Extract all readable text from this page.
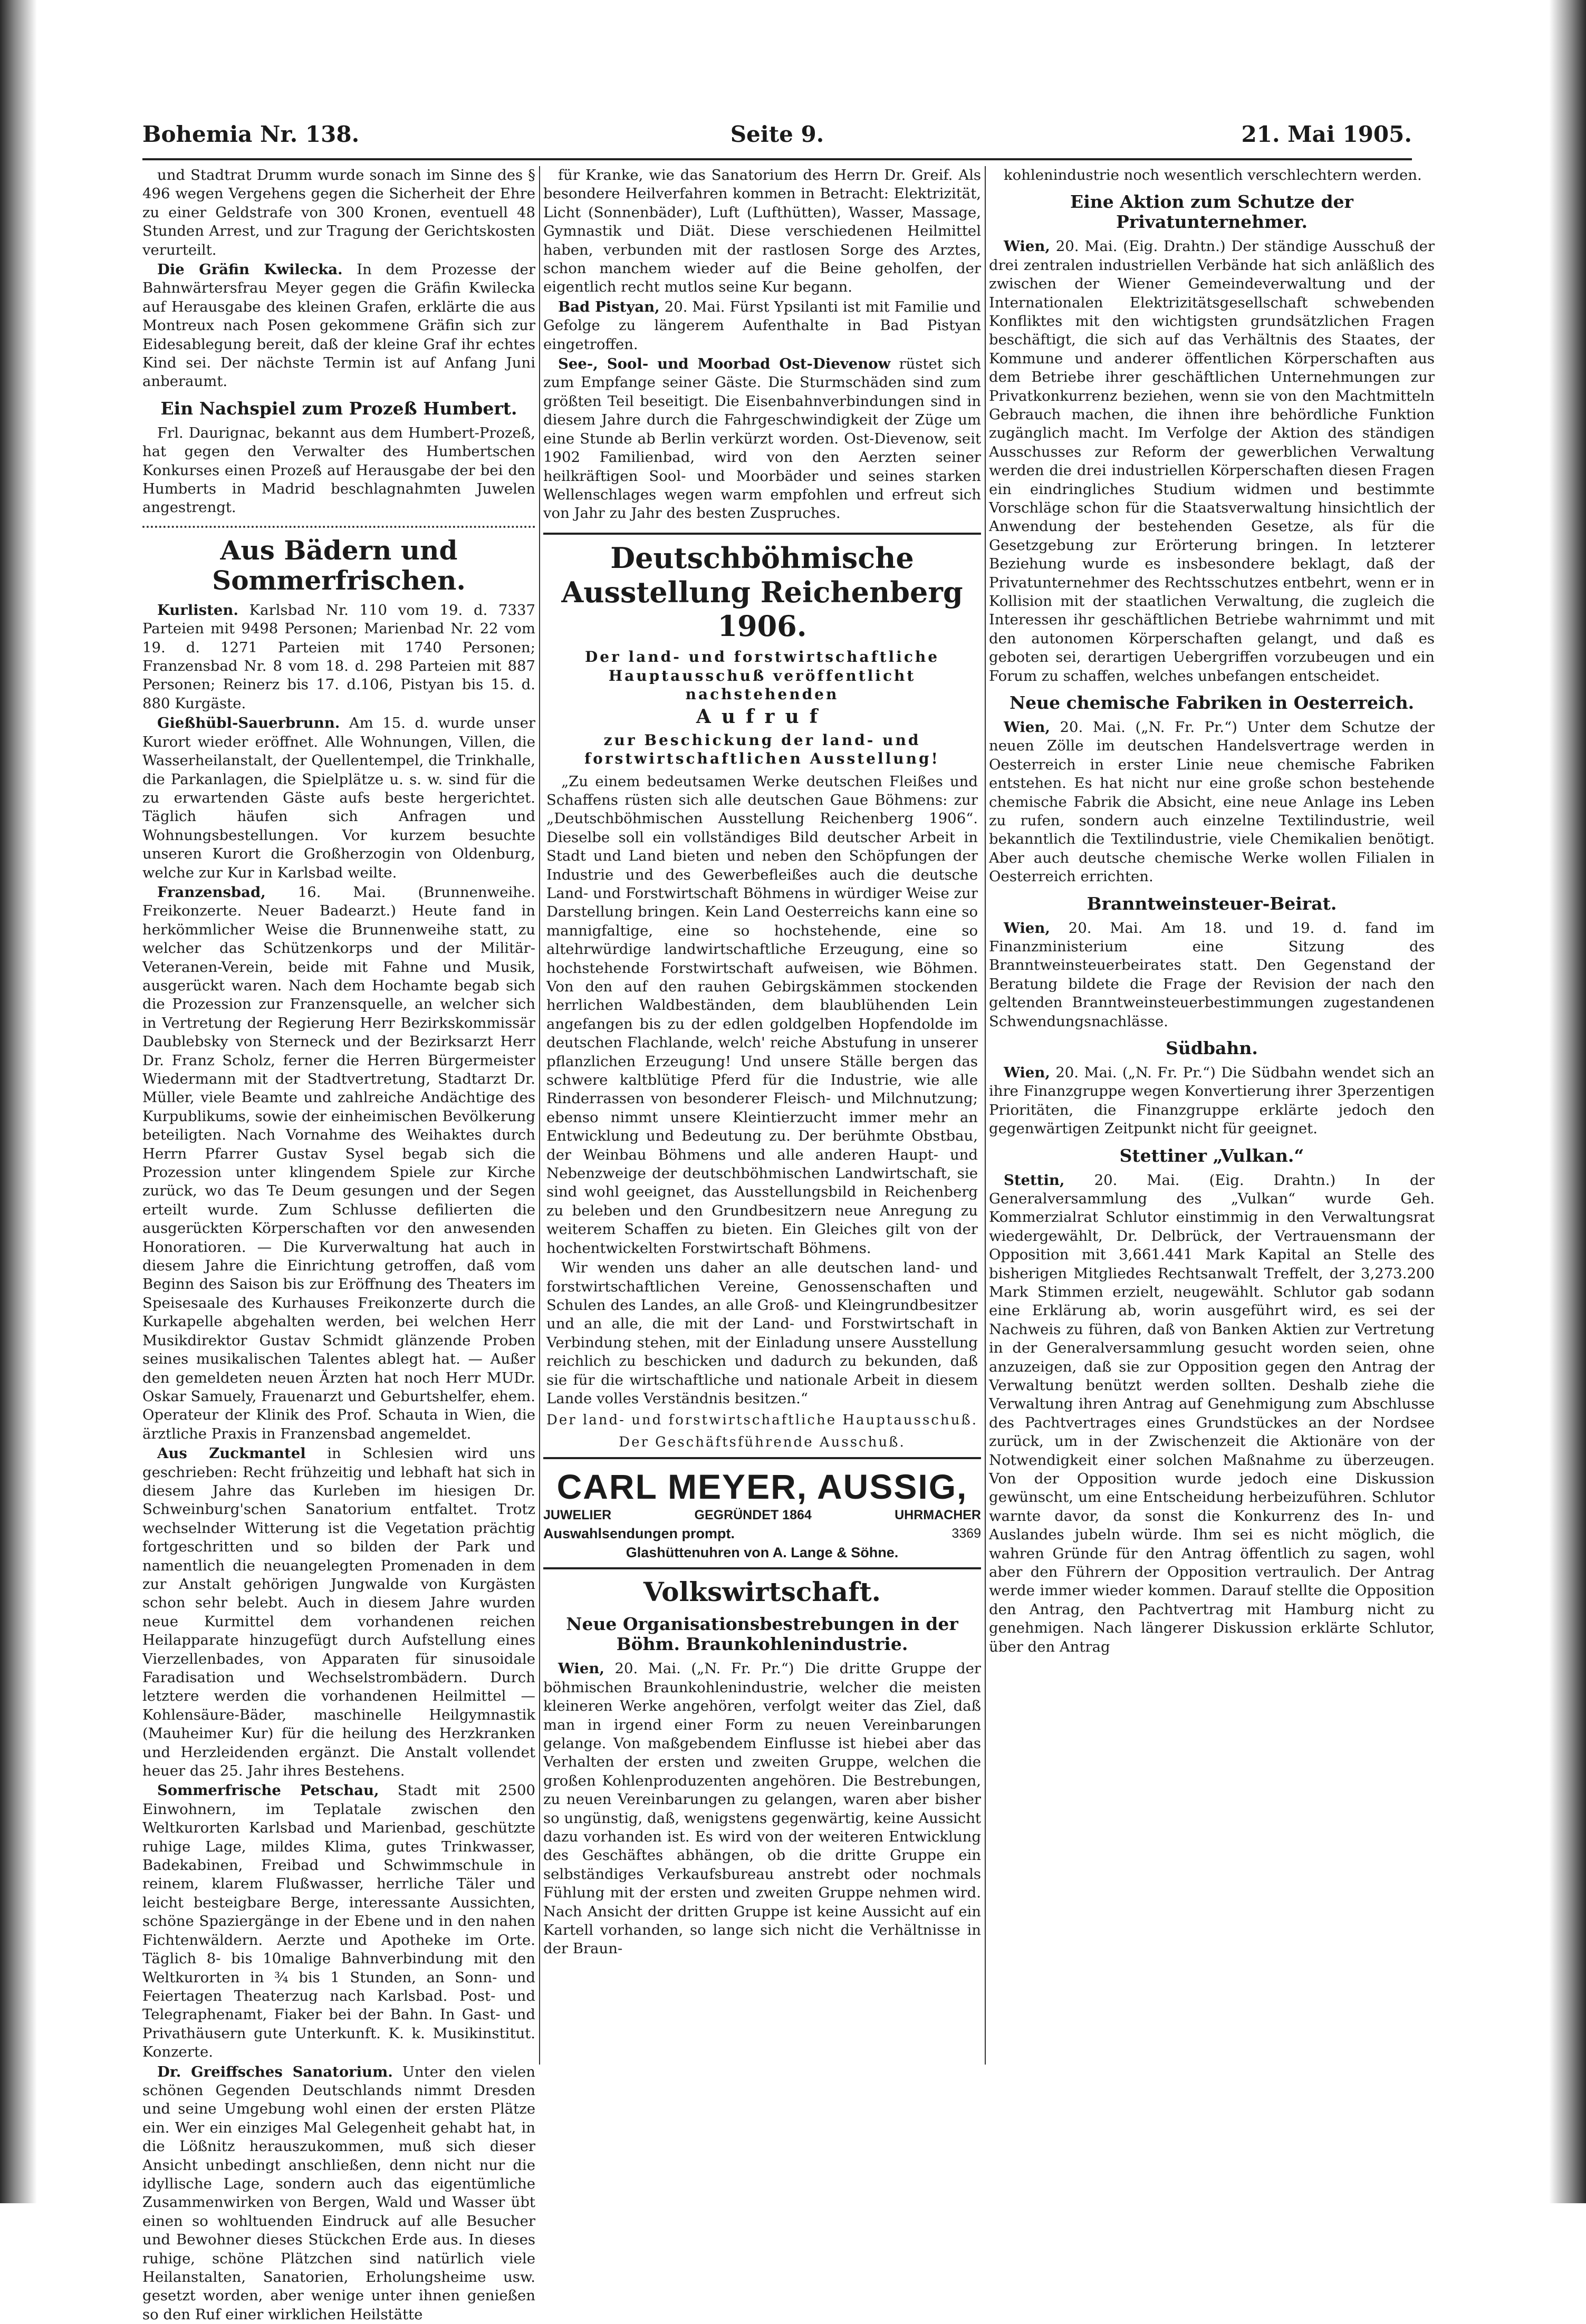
Bohemia Nr. 138.	Seite 9.	21. Mai 1905.

und Stadtrat Drumm wurde sonach im Sinne des § 496 wegen Vergehens gegen die Sicherheit der Ehre zu einer Geldstrafe von 300 Kronen, eventuell 48 Stunden Arrest, und zur Tragung der Gerichtskosten verurteilt.

Die Gräfin Kwilecka. In dem Prozesse der Bahnwärtersfrau Meyer gegen die Gräfin Kwilecka auf Herausgabe des kleinen Grafen, erklärte die aus Montreux nach Posen gekommene Gräfin sich zur Eidesablegung bereit, daß der kleine Graf ihr echtes Kind sei. Der nächste Termin ist auf Anfang Juni anberaumt.

Ein Nachspiel zum Prozeß Humbert.

Frl. Daurignac, bekannt aus dem Humbert-Prozeß, hat gegen den Verwalter des Humbertschen Konkurses einen Prozeß auf Herausgabe der bei den Humberts in Madrid beschlagnahmten Juwelen angestrengt.

Aus Bädern und Sommerfrischen.

Kurlisten. Karlsbad Nr. 110 vom 19. d. 7337 Parteien mit 9498 Personen; Marienbad Nr. 22 vom 19. d. 1271 Parteien mit 1740 Personen; Franzensbad Nr. 8 vom 18. d. 298 Parteien mit 887 Personen; Reinerz bis 17. d.106, Pistyan bis 15. d. 880 Kurgäste.

Gießhübl-Sauerbrunn. Am 15. d. wurde unser Kurort wieder eröffnet. Alle Wohnungen, Villen, die Wasserheilanstalt, der Quellentempel, die Trinkhalle, die Parkanlagen, die Spielplätze u. s. w. sind für die zu erwartenden Gäste aufs beste hergerichtet. Täglich häufen sich Anfragen und Wohnungsbestellungen. Vor kurzem besuchte unseren Kurort die Großherzogin von Oldenburg, welche zur Kur in Karlsbad weilte.

Franzensbad, 16. Mai. (Brunnenweihe. Freikonzerte. Neuer Badearzt.) Heute fand in herkömmlicher Weise die Brunnenweihe statt, zu welcher das Schützenkorps und der Militär-Veteranen-Verein, beide mit Fahne und Musik, ausgerückt waren. Nach dem Hochamte begab sich die Prozession zur Franzensquelle, an welcher sich in Vertretung der Regierung Herr Bezirkskommissär Daublebsky von Sterneck und der Bezirksarzt Herr Dr. Franz Scholz, ferner die Herren Bürgermeister Wiedermann mit der Stadtvertretung, Stadtarzt Dr. Müller, viele Beamte und zahlreiche Andächtige des Kurpublikums, sowie der einheimischen Bevölkerung beteiligten. Nach Vornahme des Weihaktes durch Herrn Pfarrer Gustav Sysel begab sich die Prozession unter klingendem Spiele zur Kirche zurück, wo das Te Deum gesungen und der Segen erteilt wurde. Zum Schlusse defilierten die ausgerückten Körperschaften vor den anwesenden Honoratioren. — Die Kurverwaltung hat auch in diesem Jahre die Einrichtung getroffen, daß vom Beginn des Saison bis zur Eröffnung des Theaters im Speisesaale des Kurhauses Freikonzerte durch die Kurkapelle abgehalten werden, bei welchen Herr Musikdirektor Gustav Schmidt glänzende Proben seines musikalischen Talentes ablegt hat. — Außer den gemeldeten neuen Ärzten hat noch Herr MUDr. Oskar Samuely, Frauenarzt und Geburtshelfer, ehem. Operateur der Klinik des Prof. Schauta in Wien, die ärztliche Praxis in Franzensbad angemeldet.

Aus Zuckmantel in Schlesien wird uns geschrieben: Recht frühzeitig und lebhaft hat sich in diesem Jahre das Kurleben im hiesigen Dr. Schweinburg'schen Sanatorium entfaltet. Trotz wechselnder Witterung ist die Vegetation prächtig fortgeschritten und so bilden der Park und namentlich die neuangelegten Promenaden in dem zur Anstalt gehörigen Jungwalde von Kurgästen schon sehr belebt. Auch in diesem Jahre wurden neue Kurmittel dem vorhandenen reichen Heilapparate hinzugefügt durch Aufstellung eines Vierzellenbades, von Apparaten für sinusoidale Faradisation und Wechselstrombädern. Durch letztere werden die vorhandenen Heilmittel — Kohlensäure-Bäder, maschinelle Heilgymnastik (Mauheimer Kur) für die heilung des Herzkranken und Herzleidenden ergänzt. Die Anstalt vollendet heuer das 25. Jahr ihres Bestehens.

Sommerfrische Petschau, Stadt mit 2500 Einwohnern, im Teplatale zwischen den Weltkurorten Karlsbad und Marienbad, geschützte ruhige Lage, mildes Klima, gutes Trinkwasser, Badekabinen, Freibad und Schwimmschule in reinem, klarem Flußwasser, herrliche Täler und leicht besteigbare Berge, interessante Aussichten, schöne Spaziergänge in der Ebene und in den nahen Fichtenwäldern. Aerzte und Apotheke im Orte. Täglich 8- bis 10malige Bahnverbindung mit den Weltkurorten in ¾ bis 1 Stunden, an Sonn- und Feiertagen Theaterzug nach Karlsbad. Post- und Telegraphenamt, Fiaker bei der Bahn. In Gast- und Privathäusern gute Unterkunft. K. k. Musikinstitut. Konzerte.

Dr. Greiffsches Sanatorium. Unter den vielen schönen Gegenden Deutschlands nimmt Dresden und seine Umgebung wohl einen der ersten Plätze ein. Wer ein einziges Mal Gelegenheit gehabt hat, in die Lößnitz herauszukommen, muß sich dieser Ansicht unbedingt anschließen, denn nicht nur die idyllische Lage, sondern auch das eigentümliche Zusammenwirken von Bergen, Wald und Wasser übt einen so wohltuenden Eindruck auf alle Besucher und Bewohner dieses Stückchen Erde aus. In dieses ruhige, schöne Plätzchen sind natürlich viele Heilanstalten, Sanatorien, Erholungsheime usw. gesetzt worden, aber wenige unter ihnen genießen so den Ruf einer wirklichen Heilstätte

für Kranke, wie das Sanatorium des Herrn Dr. Greif. Als besondere Heilverfahren kommen in Betracht: Elektrizität, Licht (Sonnenbäder), Luft (Lufthütten), Wasser, Massage, Gymnastik und Diät. Diese verschiedenen Heilmittel haben, verbunden mit der rastlosen Sorge des Arztes, schon manchem wieder auf die Beine geholfen, der eigentlich recht mutlos seine Kur begann.

Bad Pistyan, 20. Mai. Fürst Ypsilanti ist mit Familie und Gefolge zu längerem Aufenthalte in Bad Pistyan eingetroffen.

See-, Sool- und Moorbad Ost-Dievenow rüstet sich zum Empfange seiner Gäste. Die Sturmschäden sind zum größten Teil beseitigt. Die Eisenbahnverbindungen sind in diesem Jahre durch die Fahrgeschwindigkeit der Züge um eine Stunde ab Berlin verkürzt worden. Ost-Dievenow, seit 1902 Familienbad, wird von den Aerzten seiner heilkräftigen Sool- und Moorbäder und seines starken Wellenschlages wegen warm empfohlen und erfreut sich von Jahr zu Jahr des besten Zuspruches.

Deutschböhmische Ausstellung Reichenberg 1906.
Der land- und forstwirtschaftliche Hauptausschuß veröffentlicht nachstehenden
Aufruf
zur Beschickung der land- und forstwirtschaftlichen Ausstellung!

„Zu einem bedeutsamen Werke deutschen Fleißes und Schaffens rüsten sich alle deutschen Gaue Böhmens: zur „Deutschböhmischen Ausstellung Reichenberg 1906“. Dieselbe soll ein vollständiges Bild deutscher Arbeit in Stadt und Land bieten und neben den Schöpfungen der Industrie und des Gewerbefleißes auch die deutsche Land- und Forstwirtschaft Böhmens in würdiger Weise zur Darstellung bringen. Kein Land Oesterreichs kann eine so mannigfaltige, eine so hochstehende, eine so altehrwürdige landwirtschaftliche Erzeugung, eine so hochstehende Forstwirtschaft aufweisen, wie Böhmen. Von den auf den rauhen Gebirgskämmen stockenden herrlichen Waldbeständen, dem blaublühenden Lein angefangen bis zu der edlen goldgelben Hopfendolde im deutschen Flachlande, welch' reiche Abstufung in unserer pflanzlichen Erzeugung! Und unsere Ställe bergen das schwere kaltblütige Pferd für die Industrie, wie alle Rinderrassen von besonderer Fleisch- und Milchnutzung; ebenso nimmt unsere Kleintierzucht immer mehr an Entwicklung und Bedeutung zu. Der berühmte Obstbau, der Weinbau Böhmens und alle anderen Haupt- und Nebenzweige der deutschböhmischen Landwirtschaft, sie sind wohl geeignet, das Ausstellungsbild in Reichenberg zu beleben und den Grundbesitzern neue Anregung zu weiterem Schaffen zu bieten. Ein Gleiches gilt von der hochentwickelten Forstwirtschaft Böhmens.

Wir wenden uns daher an alle deutschen land- und forstwirtschaftlichen Vereine, Genossenschaften und Schulen des Landes, an alle Groß- und Kleingrundbesitzer und an alle, die mit der Land- und Forstwirtschaft in Verbindung stehen, mit der Einladung unsere Ausstellung reichlich zu beschicken und dadurch zu bekunden, daß sie für die wirtschaftliche und nationale Arbeit in diesem Lande volles Verständnis besitzen.“

Der land- und forstwirtschaftliche Hauptausschuß.
Der Geschäftsführende Ausschuß.
CARL MEYER, AUSSIG,
JUWELIER	GEGRÜNDET 1864	UHRMACHER
Auswahlsendungen prompt.	3369
Glashüttenuhren von A. Lange & Söhne.
Volkswirtschaft.
Neue Organisationsbestrebungen in der Böhm. Braunkohlenindustrie.

Wien, 20. Mai. („N. Fr. Pr.“) Die dritte Gruppe der böhmischen Braunkohlenindustrie, welcher die meisten kleineren Werke angehören, verfolgt weiter das Ziel, daß man in irgend einer Form zu neuen Vereinbarungen gelange. Von maßgebendem Einflusse ist hiebei aber das Verhalten der ersten und zweiten Gruppe, welchen die großen Kohlenproduzenten angehören. Die Bestrebungen, zu neuen Vereinbarungen zu gelangen, waren aber bisher so ungünstig, daß, wenigstens gegenwärtig, keine Aussicht dazu vorhanden ist. Es wird von der weiteren Entwicklung des Geschäftes abhängen, ob die dritte Gruppe ein selbständiges Verkaufsbureau anstrebt oder nochmals Fühlung mit der ersten und zweiten Gruppe nehmen wird. Nach Ansicht der dritten Gruppe ist keine Aussicht auf ein Kartell vorhanden, so lange sich nicht die Verhältnisse in der Braun-

kohlenindustrie noch wesentlich verschlechtern werden.

Eine Aktion zum Schutze der Privatunternehmer.

Wien, 20. Mai. (Eig. Drahtn.) Der ständige Ausschuß der drei zentralen industriellen Verbände hat sich anläßlich des zwischen der Wiener Gemeindeverwaltung und der Internationalen Elektrizitätsgesellschaft schwebenden Konfliktes mit den wichtigsten grundsätzlichen Fragen beschäftigt, die sich auf das Verhältnis des Staates, der Kommune und anderer öffentlichen Körperschaften aus dem Betriebe ihrer geschäftlichen Unternehmungen zur Privatkonkurrenz beziehen, wenn sie von den Machtmitteln Gebrauch machen, die ihnen ihre behördliche Funktion zugänglich macht. Im Verfolge der Aktion des ständigen Ausschusses zur Reform der gewerblichen Verwaltung werden die drei industriellen Körperschaften diesen Fragen ein eindringliches Studium widmen und bestimmte Vorschläge schon für die Staatsverwaltung hinsichtlich der Anwendung der bestehenden Gesetze, als für die Gesetzgebung zur Erörterung bringen. In letzterer Beziehung wurde es insbesondere beklagt, daß der Privatunternehmer des Rechtsschutzes entbehrt, wenn er in Kollision mit der staatlichen Verwaltung, die zugleich die Interessen ihr geschäftlichen Betriebe wahrnimmt und mit den autonomen Körperschaften gelangt, und daß es geboten sei, derartigen Uebergriffen vorzubeugen und ein Forum zu schaffen, welches unbefangen entscheidet.

Neue chemische Fabriken in Oesterreich.

Wien, 20. Mai. („N. Fr. Pr.“) Unter dem Schutze der neuen Zölle im deutschen Handelsvertrage werden in Oesterreich in erster Linie neue chemische Fabriken entstehen. Es hat nicht nur eine große schon bestehende chemische Fabrik die Absicht, eine neue Anlage ins Leben zu rufen, sondern auch einzelne Textilindustrie, weil bekanntlich die Textilindustrie, viele Chemikalien benötigt. Aber auch deutsche chemische Werke wollen Filialen in Oesterreich errichten.

Branntweinsteuer-Beirat.

Wien, 20. Mai. Am 18. und 19. d. fand im Finanzministerium eine Sitzung des Branntweinsteuerbeirates statt. Den Gegenstand der Beratung bildete die Frage der Revision der nach den geltenden Branntweinsteuerbestimmungen zugestandenen Schwendungsnachlässe.

Südbahn.

Wien, 20. Mai. („N. Fr. Pr.“) Die Südbahn wendet sich an ihre Finanzgruppe wegen Konvertierung ihrer 3perzentigen Prioritäten, die Finanzgruppe erklärte jedoch den gegenwärtigen Zeitpunkt nicht für geeignet.

Stettiner „Vulkan.“

Stettin, 20. Mai. (Eig. Drahtn.) In der Generalversammlung des „Vulkan“ wurde Geh. Kommerzialrat Schlutor einstimmig in den Verwaltungsrat wiedergewählt, Dr. Delbrück, der Vertrauensmann der Opposition mit 3,661.441 Mark Kapital an Stelle des bisherigen Mitgliedes Rechtsanwalt Treffelt, der 3,273.200 Mark Stimmen erzielt, neugewählt. Schlutor gab sodann eine Erklärung ab, worin ausgeführt wird, es sei der Nachweis zu führen, daß von Banken Aktien zur Vertretung in der Generalversammlung gesucht worden seien, ohne anzuzeigen, daß sie zur Opposition gegen den Antrag der Verwaltung benützt werden sollten. Deshalb ziehe die Verwaltung ihren Antrag auf Genehmigung zum Abschlusse des Pachtvertrages eines Grundstückes an der Nordsee zurück, um in der Zwischenzeit die Aktionäre von der Notwendigkeit einer solchen Maßnahme zu überzeugen. Von der Opposition wurde jedoch eine Diskussion gewünscht, um eine Entscheidung herbeizuführen. Schlutor warnte davor, da sonst die Konkurrenz des In- und Auslandes jubeln würde. Ihm sei es nicht möglich, die wahren Gründe für den Antrag öffentlich zu sagen, wohl aber den Führern der Opposition vertraulich. Der Antrag werde immer wieder kommen. Darauf stellte die Opposition den Antrag, den Pachtvertrag mit Hamburg nicht zu genehmigen. Nach längerer Diskussion erklärte Schlutor, über den Antrag
